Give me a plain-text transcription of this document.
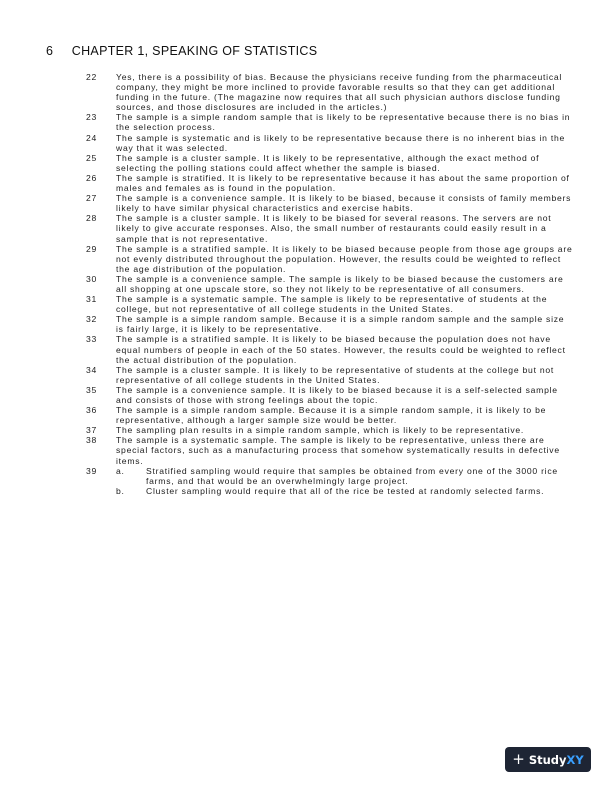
6 CHAPTER 1, SPEAKING OF STATISTICS
22	Yes, there is a possibility of bias. Because the physicians receive funding from the pharmaceutical company, they might be more inclined to provide favorable results so that they can get additional funding in the future. (The magazine now requires that all such physician authors disclose funding sources, and those disclosures are included in the articles.)
23	The sample is a simple random sample that is likely to be representative because there is no bias in the selection process.
24	The sample is systematic and is likely to be representative because there is no inherent bias in the way that it was selected.
25	The sample is a cluster sample. It is likely to be representative, although the exact method of selecting the polling stations could affect whether the sample is biased.
26	The sample is stratified. It is likely to be representative because it has about the same proportion of males and females as is found in the population.
27	The sample is a convenience sample. It is likely to be biased, because it consists of family members likely to have similar physical characteristics and exercise habits.
28	The sample is a cluster sample. It is likely to be biased for several reasons. The servers are not likely to give accurate responses. Also, the small number of restaurants could easily result in a sample that is not representative.
29	The sample is a stratified sample. It is likely to be biased because people from those age groups are not evenly distributed throughout the population. However, the results could be weighted to reflect the age distribution of the population.
30	The sample is a convenience sample. The sample is likely to be biased because the customers are all shopping at one upscale store, so they not likely to be representative of all consumers.
31	The sample is a systematic sample. The sample is likely to be representative of students at the college, but not representative of all college students in the United States.
32	The sample is a simple random sample. Because it is a simple random sample and the sample size is fairly large, it is likely to be representative.
33	The sample is a stratified sample. It is likely to be biased because the population does not have equal numbers of people in each of the 50 states. However, the results could be weighted to reflect the actual distribution of the population.
34	The sample is a cluster sample. It is likely to be representative of students at the college but not representative of all college students in the United States.
35	The sample is a convenience sample. It is likely to be biased because it is a self-selected sample and consists of those with strong feelings about the topic.
36	The sample is a simple random sample. Because it is a simple random sample, it is likely to be representative, although a larger sample size would be better.
37	The sampling plan results in a simple random sample, which is likely to be representative.
38	The sample is a systematic sample. The sample is likely to be representative, unless there are special factors, such as a manufacturing process that somehow systematically results in defective items.
39	a.	Stratified sampling would require that samples be obtained from every one of the 3000 rice farms, and that would be an overwhelmingly large project.
b.	Cluster sampling would require that all of the rice be tested at randomly selected farms.
+ Study XY
